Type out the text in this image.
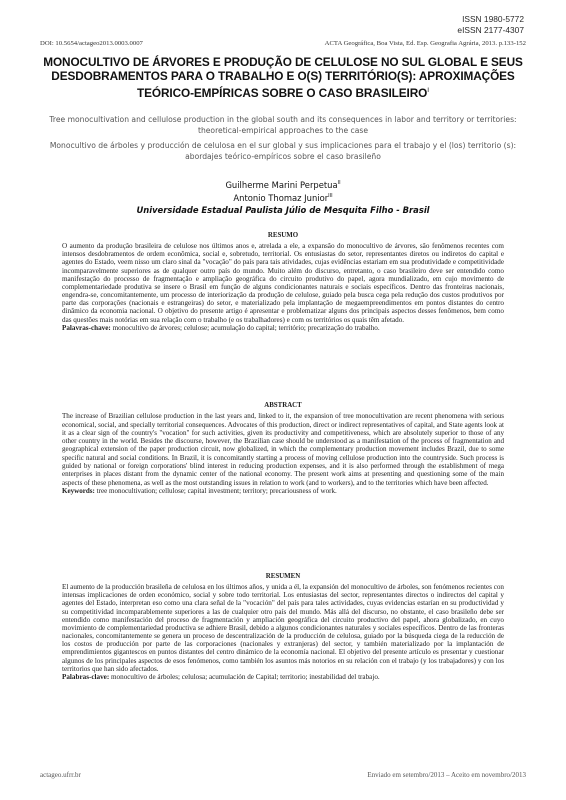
ISSN 1980-5772
eISSN 2177-4307
DOI: 10.5654/actageo2013.0003.0007	ACTA Geográfica, Boa Vista, Ed. Esp. Geografia Agrária, 2013. p.133-152
MONOCULTIVO DE ÁRVORES E PRODUÇÃO DE CELULOSE NO SUL GLOBAL E SEUS DESDOBRAMENTOS PARA O TRABALHO E O(S) TERRITÓRIO(S): APROXIMAÇÕES TEÓRICO-EMPÍRICAS SOBRE O CASO $BRASILEIRO^I$
Tree monocultivation and cellulose production in the global south and its consequences in labor and territory or territories: theoretical-empirical approaches to the case
Monocultivo de árboles y producción de celulosa en el sur global y sus implicaciones para el trabajo y el (los) territorio (s): abordajes teórico-empíricos sobre el caso brasileño
Guilherme Marini Perpetua$^{II}$
Antonio Thomaz Junior$^{III}$
Universidade Estadual Paulista Júlio de Mesquita Filho - Brasil
RESUMO
O aumento da produção brasileira de celulose nos últimos anos e, atrelada a ele, a expansão do monocultivo de árvores, são fenômenos recentes com intensos desdobramentos de ordem econômica, social e, sobretudo, territorial. Os entusiastas do setor, representantes diretos ou indiretos do capital e agentes do Estado, veem nisso um claro sinal da "vocação" do país para tais atividades, cujas evidências estariam em sua produtividade e competitividade incomparavelmente superiores as de qualquer outro país do mundo. Muito além do discurso, entretanto, o caso brasileiro deve ser entendido como manifestação do processo de fragmentação e ampliação geográfica do circuito produtivo do papel, agora mundializado, em cujo movimento de complementariedade produtiva se insere o Brasil em função de alguns condicionantes naturais e sociais específicos. Dentro das fronteiras nacionais, engendra-se, concomitantemente, um processo de interiorização da produção de celulose, guiado pela busca cega pela redução dos custos produtivos por parte das corporações (nacionais e estrangeiras) do setor, e materializado pela implantação de megaempreendimentos em pontos distantes do centro dinâmico da economia nacional. O objetivo do presente artigo é apresentar e problematizar alguns dos principais aspectos desses fenômenos, bem como das questões mais notórias em sua relação com o trabalho (e os trabalhadores) e com os territórios os quais têm afetado.
Palavras-chave: monocultivo de árvores; celulose; acumulação do capital; território; precarização do trabalho.
ABSTRACT
The increase of Brazilian cellulose production in the last years and, linked to it, the expansion of tree monocultivation are recent phenomena with serious economical, social, and specially territorial consequences. Advocates of this production, direct or indirect representatives of capital, and State agents look at it as a clear sign of the country's "vocation" for such activities, given its productivity and competitiveness, which are absolutely superior to those of any other country in the world. Besides the discourse, however, the Brazilian case should be understood as a manifestation of the process of fragmentation and geographical extension of the paper production circuit, now globalized, in which the complementary production movement includes Brazil, due to some specific natural and social conditions. In Brazil, it is concomitantly starting a process of moving cellulose production into the countryside. Such process is guided by national or foreign corporations' blind interest in reducing production expenses, and it is also performed through the establishment of mega enterprises in places distant from the dynamic center of the national economy. The present work aims at presenting and questioning some of the main aspects of these phenomena, as well as the most outstanding issues in relation to work (and to workers), and to the territories which have been affected.
Keywords: tree monocultivation; cellulose; capital investment; territory; precariousness of work.
RESUMEN
El aumento de la producción brasileña de celulosa en los últimos años, y unida a él, la expansión del monocultivo de árboles, son fenómenos recientes con intensas implicaciones de orden económico, social y sobre todo territorial. Los entusiastas del sector, representantes directos o indirectos del capital y agentes del Estado, interpretan eso como una clara señal de la "vocación" del país para tales actividades, cuyas evidencias estarían en su productividad y su competitividad incomparablemente superiores a las de cualquier otro país del mundo. Más allá del discurso, no obstante, el caso brasileño debe ser entendido como manifestación del proceso de fragmentación y ampliación geográfica del circuito productivo del papel, ahora globalizado, en cuyo movimiento de complementariedad productiva se adhiere Brasil, debido a algunos condicionantes naturales y sociales específicos. Dentro de las fronteras nacionales, concomitantemente se genera un proceso de descentralización de la producción de celulosa, guiado por la búsqueda ciega de la reducción de los costos de producción por parte de las corporaciones (nacionales y extranjeras) del sector, y también materializado por la implantación de emprendimientos gigantescos en puntos distantes del centro dinámico de la economía nacional. El objetivo del presente artículo es presentar y cuestionar algunos de los principales aspectos de esos fenómenos, como también los asuntos más notorios en su relación con el trabajo (y los trabajadores) y con los territorios que han sido afectados.
Palabras-clave: monocultivo de árboles; celulosa; acumulación de Capital; territorio; inestabilidad del trabajo.
actageo.ufrr.br	Enviado em setembro/2013 – Aceito em novembro/2013
